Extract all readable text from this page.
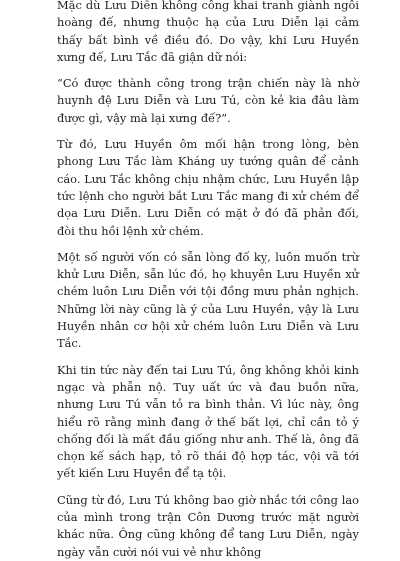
Mặc dù Lưu Diễn không công khai tranh giành ngôi hoàng đế, nhưng thuộc hạ của Lưu Diễn lại cảm thấy bất bình về điều đó. Do vậy, khi Lưu Huyền xưng đế, Lưu Tắc đã giận dữ nói:

“Có được thành công trong trận chiến này là nhờ huynh đệ Lưu Diễn và Lưu Tú, còn kẻ kia đâu làm được gì, vậy mà lại xưng đế?”.

Từ đó, Lưu Huyền ôm mối hận trong lòng, bèn phong Lưu Tắc làm Kháng uy tướng quân để cảnh cáo. Lưu Tắc không chịu nhậm chức, Lưu Huyền lập tức lệnh cho người bắt Lưu Tắc mang đi xử chém để dọa Lưu Diễn. Lưu Diễn có mặt ở đó đã phản đối, đòi thu hồi lệnh xử chém.

Một số người vốn có sẵn lòng đố kỵ, luôn muốn trừ khử Lưu Diễn, sẵn lúc đó, họ khuyên Lưu Huyền xử chém luôn Lưu Diễn với tội đồng mưu phản nghịch. Những lời này cũng là ý của Lưu Huyền, vậy là Lưu Huyền nhân cơ hội xử chém luôn Lưu Diễn và Lưu Tắc.

Khi tin tức này đến tai Lưu Tú, ông không khỏi kinh ngạc và phẫn nộ. Tuy uất ức và đau buồn nữa, nhưng Lưu Tú vẫn tỏ ra bình thản. Vì lúc này, ông hiểu rõ rằng mình đang ở thế bất lợi, chỉ cần tỏ ý chống đối là mất đầu giống như anh. Thế là, ông đã chọn kế sách hạp, tỏ rõ thái độ hợp tác, vội vã tới yết kiến Lưu Huyền để tạ tội.

Cũng từ đó, Lưu Tú không bao giờ nhắc tới công lao của mình trong trận Côn Dương trước mặt người khác nữa. Ông cũng không để tang Lưu Diễn, ngày ngày vẫn cười nói vui vẻ như không
